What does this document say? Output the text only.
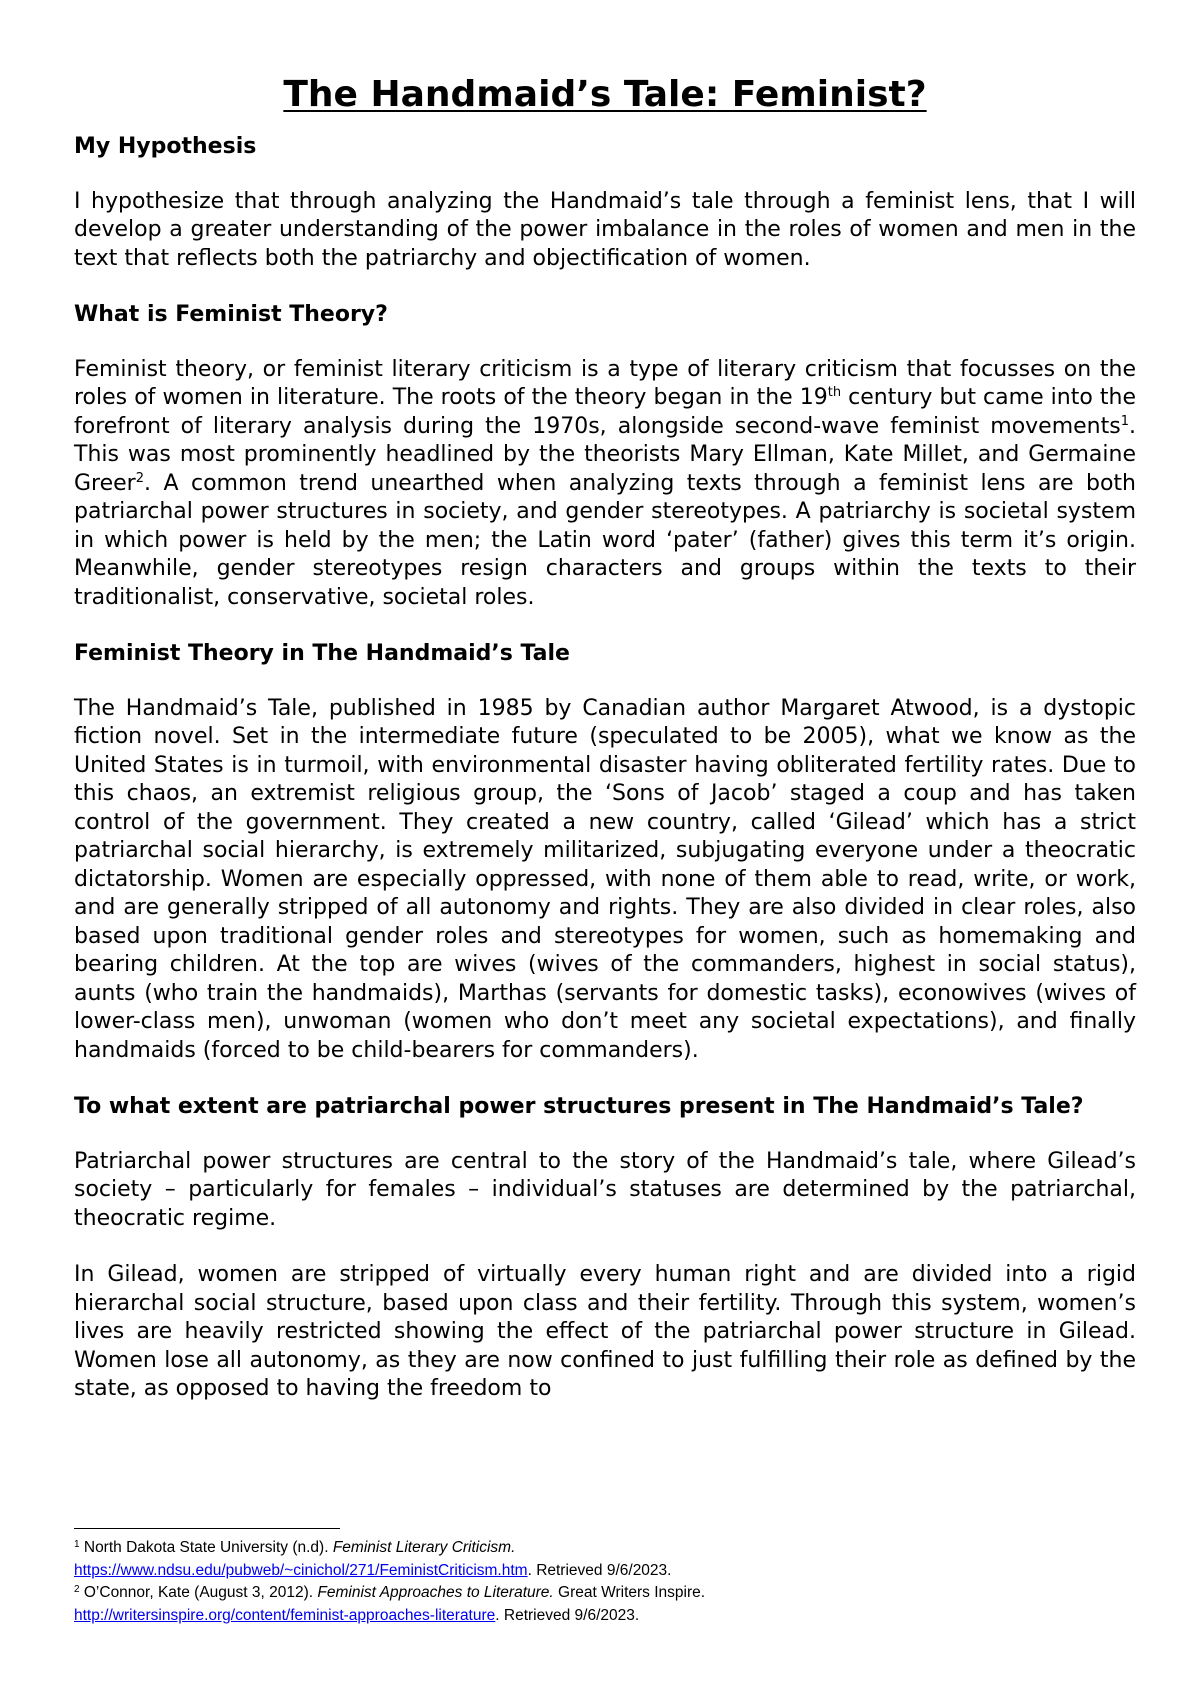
The Handmaid’s Tale: Feminist?
My Hypothesis

I hypothesize that through analyzing the Handmaid’s tale through a feminist lens, that I will develop a greater understanding of the power imbalance in the roles of women and men in the text that reflects both the patriarchy and objectification of women.

What is Feminist Theory?

Feminist theory, or feminist literary criticism is a type of literary criticism that focusses on the roles of women in literature. The roots of the theory began in the 19th century but came into the forefront of literary analysis during the 1970s, alongside second-wave feminist movements$^1$. This was most prominently headlined by the theorists Mary Ellman, Kate Millet, and Germaine Greer$^2$. A common trend unearthed when analyzing texts through a feminist lens are both patriarchal power structures in society, and gender stereotypes. A patriarchy is societal system in which power is held by the men; the Latin word ‘pater’ (father) gives this term it’s origin. Meanwhile, gender stereotypes resign characters and groups within the texts to their traditionalist, conservative, societal roles.

Feminist Theory in The Handmaid’s Tale

The Handmaid’s Tale, published in 1985 by Canadian author Margaret Atwood, is a dystopic fiction novel. Set in the intermediate future (speculated to be 2005), what we know as the United States is in turmoil, with environmental disaster having obliterated fertility rates. Due to this chaos, an extremist religious group, the ‘Sons of Jacob’ staged a coup and has taken control of the government. They created a new country, called ‘Gilead’ which has a strict patriarchal social hierarchy, is extremely militarized, subjugating everyone under a theocratic dictatorship. Women are especially oppressed, with none of them able to read, write, or work, and are generally stripped of all autonomy and rights. They are also divided in clear roles, also based upon traditional gender roles and stereotypes for women, such as homemaking and bearing children. At the top are wives (wives of the commanders, highest in social status), aunts (who train the handmaids), Marthas (servants for domestic tasks), econowives (wives of lower-class men), unwoman (women who don’t meet any societal expectations), and finally handmaids (forced to be child-bearers for commanders).

To what extent are patriarchal power structures present in The Handmaid’s Tale?

Patriarchal power structures are central to the story of the Handmaid’s tale, where Gilead’s society – particularly for females – individual’s statuses are determined by the patriarchal, theocratic regime.

In Gilead, women are stripped of virtually every human right and are divided into a rigid hierarchal social structure, based upon class and their fertility. Through this system, women’s lives are heavily restricted showing the effect of the patriarchal power structure in Gilead. Women lose all autonomy, as they are now confined to just fulfilling their role as defined by the state, as opposed to having the freedom to

$^1$ North Dakota State University (n.d). Feminist Literary Criticism.
https://www.ndsu.edu/pubweb/~cinichol/271/FeministCriticism.htm. Retrieved 9/6/2023.
$^2$ O’Connor, Kate (August 3, 2012). Feminist Approaches to Literature. Great Writers Inspire.
http://writersinspire.org/content/feminist-approaches-literature. Retrieved 9/6/2023.
